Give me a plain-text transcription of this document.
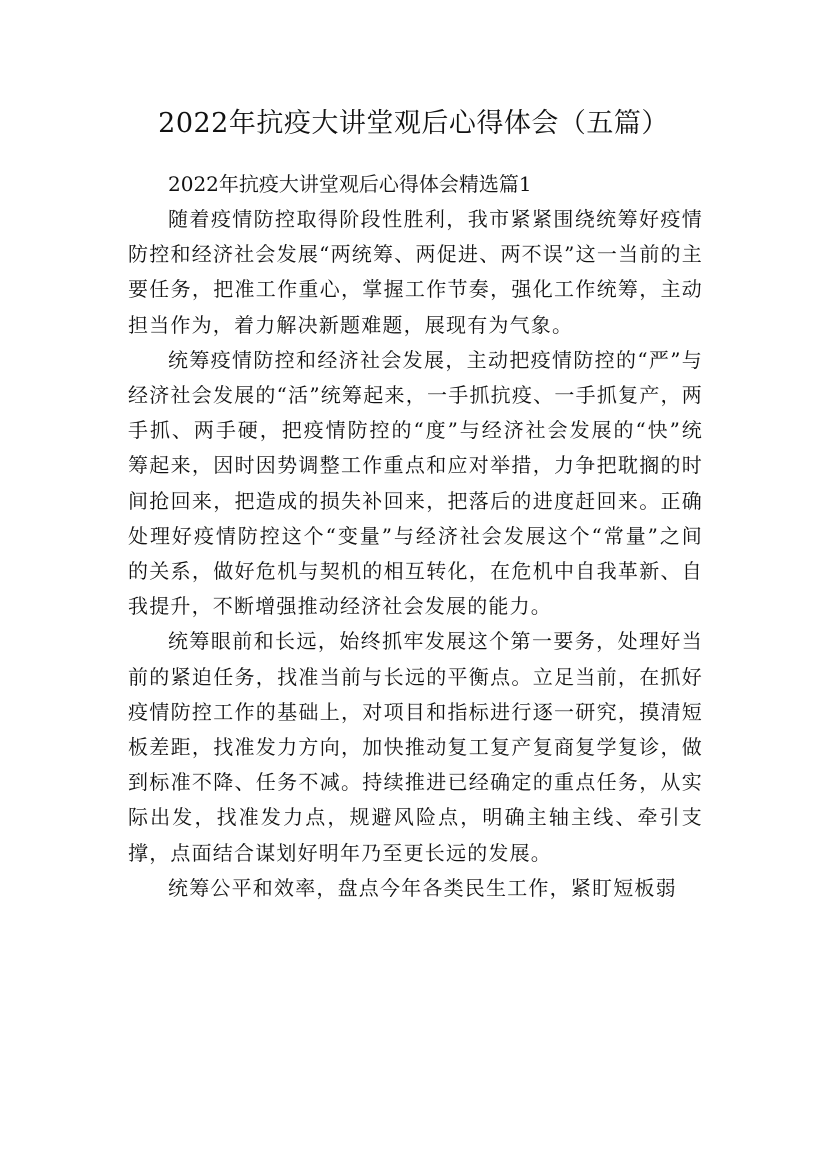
2022年抗疫大讲堂观后心得体会（五篇）

2022年抗疫大讲堂观后心得体会精选篇1

随着疫情防控取得阶段性胜利，我市紧紧围绕统筹好疫情防控和经济社会发展“两统筹、两促进、两不误”这一当前的主要任务，把准工作重心，掌握工作节奏，强化工作统筹，主动担当作为，着力解决新题难题，展现有为气象。

统筹疫情防控和经济社会发展，主动把疫情防控的“严”与经济社会发展的“活”统筹起来，一手抓抗疫、一手抓复产，两手抓、两手硬，把疫情防控的“度”与经济社会发展的“快”统筹起来，因时因势调整工作重点和应对举措，力争把耽搁的时间抢回来，把造成的损失补回来，把落后的进度赶回来。正确处理好疫情防控这个“变量”与经济社会发展这个“常量”之间的关系，做好危机与契机的相互转化，在危机中自我革新、自我提升，不断增强推动经济社会发展的能力。

统筹眼前和长远，始终抓牢发展这个第一要务，处理好当前的紧迫任务，找准当前与长远的平衡点。立足当前，在抓好疫情防控工作的基础上，对项目和指标进行逐一研究，摸清短板差距，找准发力方向，加快推动复工复产复商复学复诊，做到标准不降、任务不减。持续推进已经确定的重点任务，从实际出发，找准发力点，规避风险点，明确主轴主线、牵引支撑，点面结合谋划好明年乃至更长远的发展。

统筹公平和效率，盘点今年各类民生工作，紧盯短板弱
